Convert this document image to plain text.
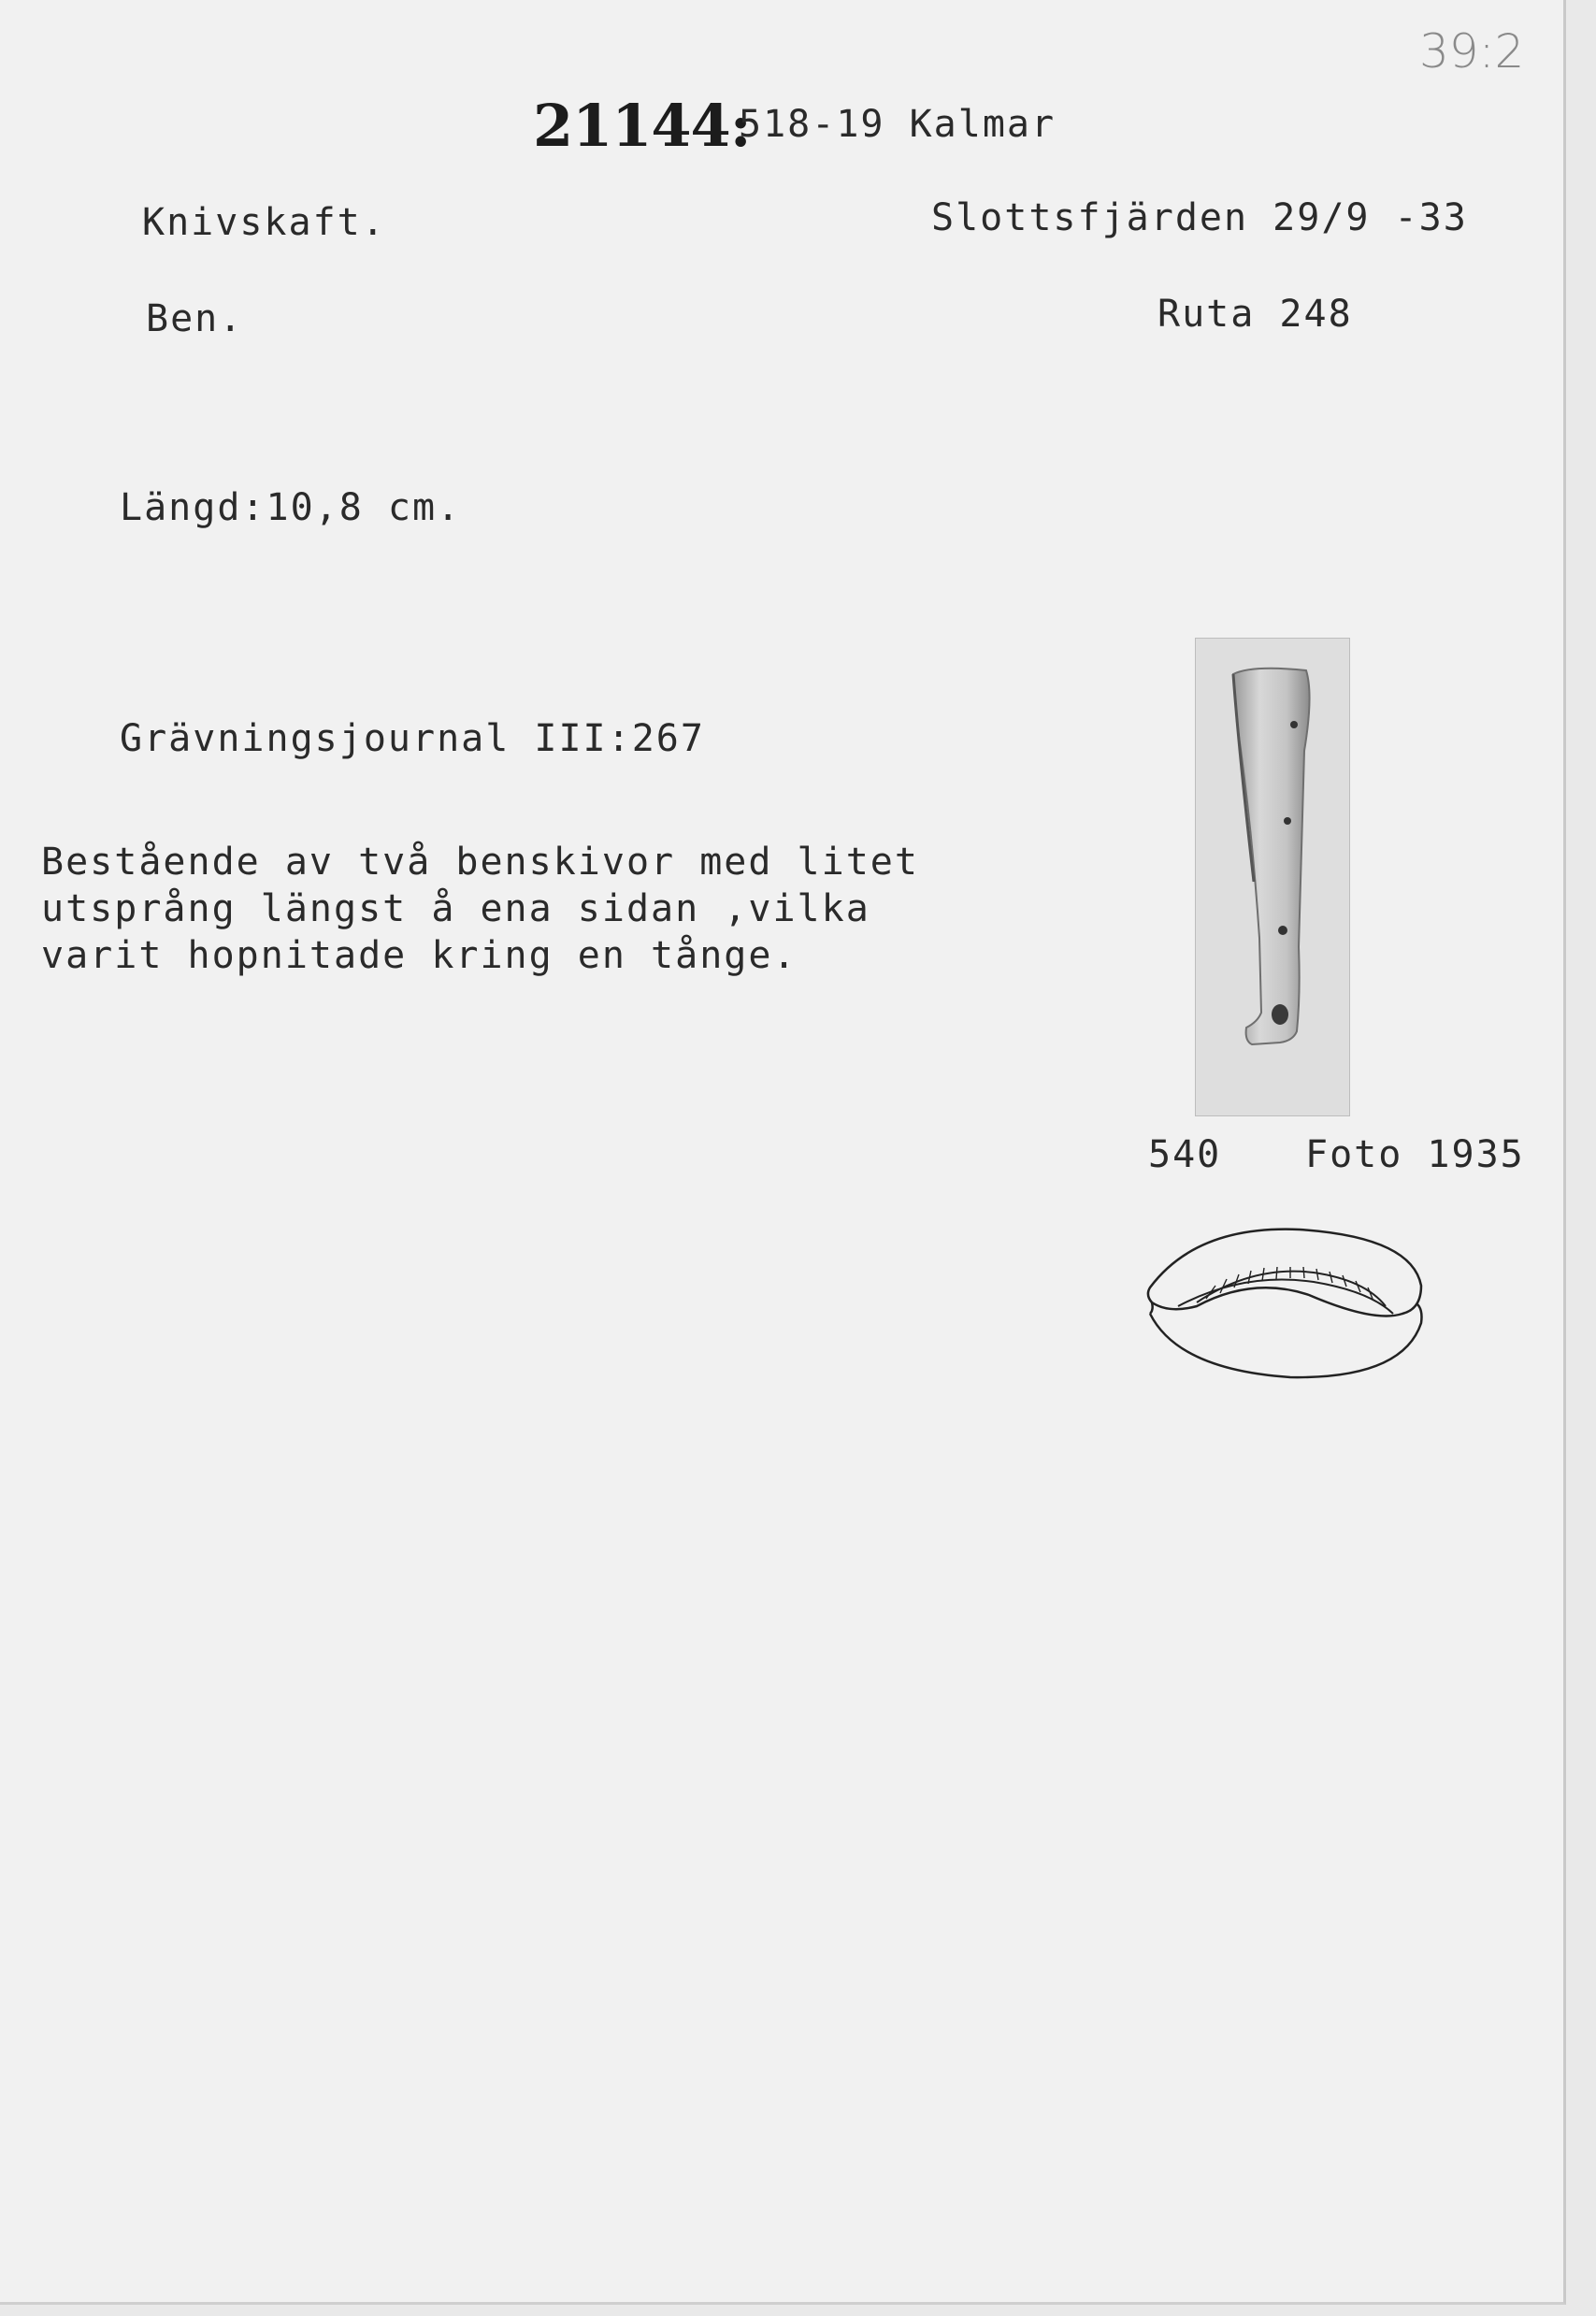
39:2
21144:
518-19 Kalmar
Knivskaft.	Slottsfjärden 29/9 -33
Ben.	Ruta 248
Längd:10,8 cm.
Grävningsjournal III:267
Bestående av två benskivor med litet
utsprång längst å ena sidan ,vilka
varit hopnitade kring en tånge.
540 Foto 1935
